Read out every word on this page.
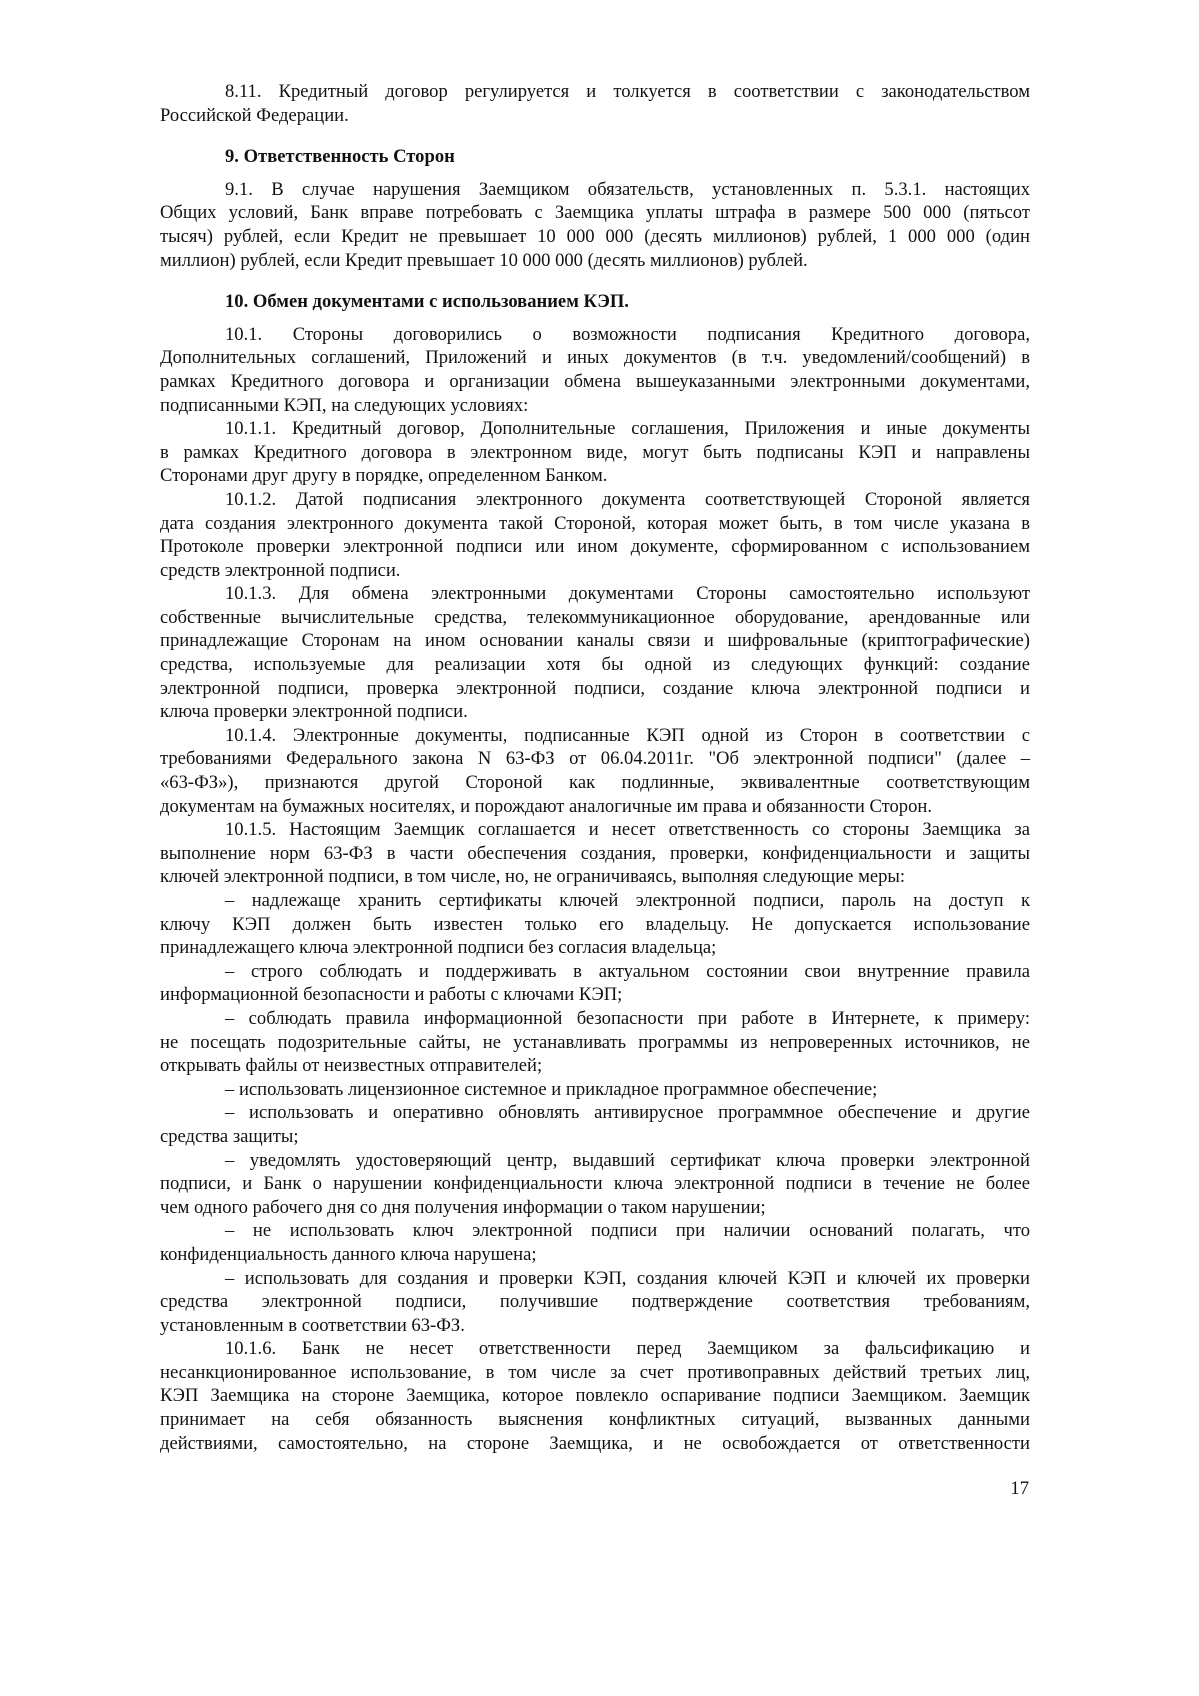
8.11. Кредитный договор регулируется и толкуется в соответствии с законодательством
Российской Федерации.
9. Ответственность Сторон
9.1. В случае нарушения Заемщиком обязательств, установленных п. 5.3.1. настоящих
Общих условий, Банк вправе потребовать с Заемщика уплаты штрафа в размере 500 000 (пятьсот
тысяч) рублей, если Кредит не превышает 10 000 000 (десять миллионов) рублей, 1 000 000 (один
миллион) рублей, если Кредит превышает 10 000 000 (десять миллионов) рублей.
10. Обмен документами с использованием КЭП.
10.1. Стороны договорились о возможности подписания Кредитного договора,
Дополнительных соглашений, Приложений и иных документов (в т.ч. уведомлений/сообщений) в
рамках Кредитного договора и организации обмена вышеуказанными электронными документами,
подписанными КЭП, на следующих условиях:
10.1.1. Кредитный договор, Дополнительные соглашения, Приложения и иные документы
в рамках Кредитного договора в электронном виде, могут быть подписаны КЭП и направлены
Сторонами друг другу в порядке, определенном Банком.
10.1.2. Датой подписания электронного документа соответствующей Стороной является
дата создания электронного документа такой Стороной, которая может быть, в том числе указана в
Протоколе проверки электронной подписи или ином документе, сформированном с использованием
средств электронной подписи.
10.1.3. Для обмена электронными документами Стороны самостоятельно используют
собственные вычислительные средства, телекоммуникационное оборудование, арендованные или
принадлежащие Сторонам на ином основании каналы связи и шифровальные (криптографические)
средства, используемые для реализации хотя бы одной из следующих функций: создание
электронной подписи, проверка электронной подписи, создание ключа электронной подписи и
ключа проверки электронной подписи.
10.1.4. Электронные документы, подписанные КЭП одной из Сторон в соответствии с
требованиями Федерального закона N 63-ФЗ от 06.04.2011г. "Об электронной подписи" (далее –
«63-ФЗ»), признаются другой Стороной как подлинные, эквивалентные соответствующим
документам на бумажных носителях, и порождают аналогичные им права и обязанности Сторон.
10.1.5. Настоящим Заемщик соглашается и несет ответственность со стороны Заемщика за
выполнение норм 63-ФЗ в части обеспечения создания, проверки, конфиденциальности и защиты
ключей электронной подписи, в том числе, но, не ограничиваясь, выполняя следующие меры:
– надлежаще хранить сертификаты ключей электронной подписи, пароль на доступ к
ключу КЭП должен быть известен только его владельцу. Не допускается использование
принадлежащего ключа электронной подписи без согласия владельца;
– строго соблюдать и поддерживать в актуальном состоянии свои внутренние правила
информационной безопасности и работы с ключами КЭП;
– соблюдать правила информационной безопасности при работе в Интернете, к примеру:
не посещать подозрительные сайты, не устанавливать программы из непроверенных источников, не
открывать файлы от неизвестных отправителей;
– использовать лицензионное системное и прикладное программное обеспечение;
– использовать и оперативно обновлять антивирусное программное обеспечение и другие
средства защиты;
– уведомлять удостоверяющий центр, выдавший сертификат ключа проверки электронной
подписи, и Банк о нарушении конфиденциальности ключа электронной подписи в течение не более
чем одного рабочего дня со дня получения информации о таком нарушении;
– не использовать ключ электронной подписи при наличии оснований полагать, что
конфиденциальность данного ключа нарушена;
– использовать для создания и проверки КЭП, создания ключей КЭП и ключей их проверки
средства электронной подписи, получившие подтверждение соответствия требованиям,
установленным в соответствии 63-ФЗ.
10.1.6. Банк не несет ответственности перед Заемщиком за фальсификацию и
несанкционированное использование, в том числе за счет противоправных действий третьих лиц,
КЭП Заемщика на стороне Заемщика, которое повлекло оспаривание подписи Заемщиком. Заемщик
принимает на себя обязанность выяснения конфликтных ситуаций, вызванных данными
действиями, самостоятельно, на стороне Заемщика, и не освобождается от ответственности
17
